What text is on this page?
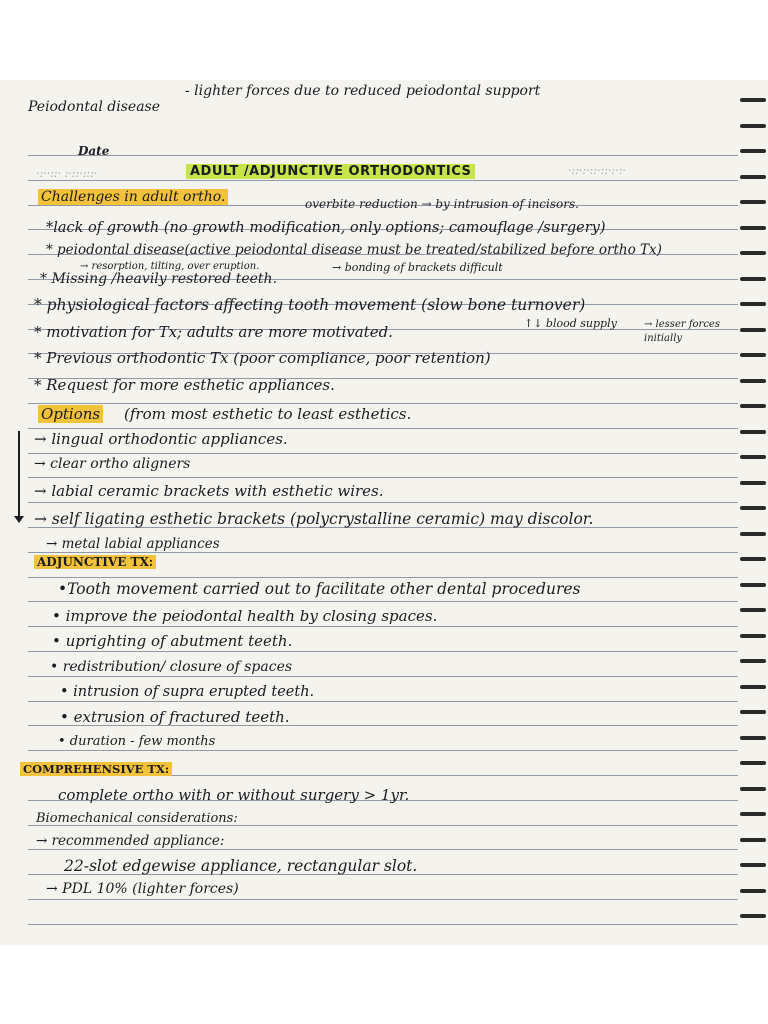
Peiodontal disease
- lighter forces due to reduced peiodontal support
Date
·:··::· :·::·:::·	·::·:·::·::·:·:·
ADULT /ADJUNCTIVE ORTHODONTICS
Challenges in adult ortho.	overbite reduction → by intrusion of incisors.
*lack of growth (no growth modification, only options; camouflage /surgery)
* peiodontal disease(active peiodontal disease must be treated/stabilized before ortho Tx)
→ resorption, tilting, over eruption.
* Missing /heavily restored teeth.
→ bonding of brackets difficult
* physiological factors affecting tooth movement (slow bone turnover)
↑↓ blood supply	→ lesser forces initially
* motivation for Tx; adults are more motivated.
* Previous orthodontic Tx (poor compliance, poor retention)
* Request for more esthetic appliances.
Options (from most esthetic to least esthetics.
→ lingual orthodontic appliances.
→ clear ortho aligners
→ labial ceramic brackets with esthetic wires.
→ self ligating esthetic brackets (polycrystalline ceramic) may discolor.
→ metal labial appliances
ADJUNCTIVE TX:
•Tooth movement carried out to facilitate other dental procedures
• improve the peiodontal health by closing spaces.
• uprighting of abutment teeth.
• redistribution/ closure of spaces
• intrusion of supra erupted teeth.
• extrusion of fractured teeth.
• duration - few months
COMPREHENSIVE TX:
complete ortho with or without surgery > 1yr.
Biomechanical considerations:
→ recommended appliance:
22-slot edgewise appliance, rectangular slot.
→ PDL 10% (lighter forces)
